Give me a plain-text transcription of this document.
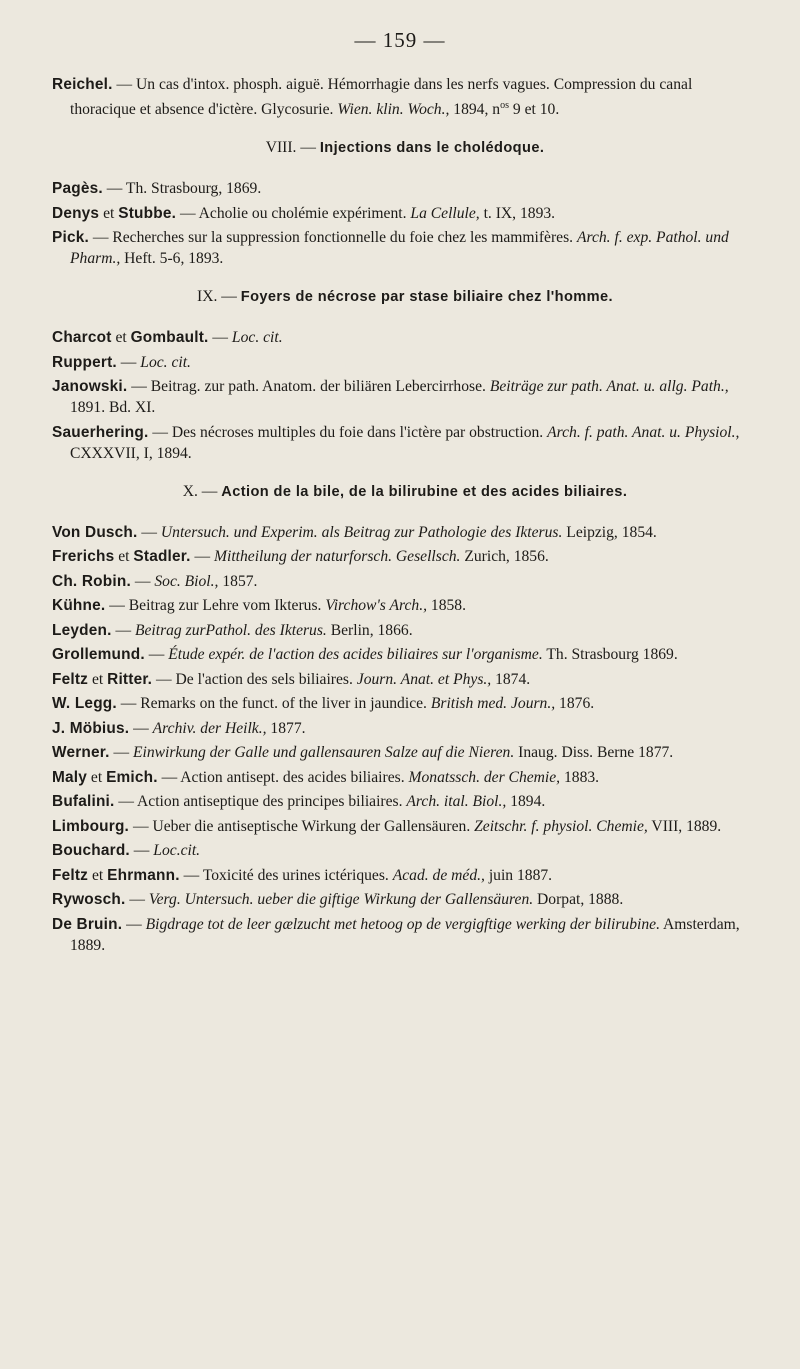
— 159 —
Reichel. — Un cas d'intox. phosph. aiguë. Hémorrhagie dans les nerfs vagues. Compression du canal thoracique et absence d'ictère. Glycosurie. Wien. klin. Woch., 1894, $n^{os}$ 9 et 10.
VIII. — Injections dans le cholédoque.
Pagès. — Th. Strasbourg, 1869.
Denys et Stubbe. — Acholie ou cholémie expériment. La Cellule, t. IX, 1893.
Pick. — Recherches sur la suppression fonctionnelle du foie chez les mammifères. Arch. f. exp. Pathol. und Pharm., Heft. 5-6, 1893.
IX. — Foyers de nécrose par stase biliaire chez l'homme.
Charcot et Gombault. — Loc. cit.
Ruppert. — Loc. cit.
Janowski. — Beitrag. zur path. Anatom. der biliären Lebercirrhose. Beiträge zur path. Anat. u. allg. Path., 1891. Bd. XI.
Sauerhering. — Des nécroses multiples du foie dans l'ictère par obstruction. Arch. f. path. Anat. u. Physiol., CXXXVII, I, 1894.
X. — Action de la bile, de la bilirubine et des acides biliaires.
Von Dusch. — Untersuch. und Experim. als Beitrag zur Pathologie des Ikterus. Leipzig, 1854.
Frerichs et Stadler. — Mittheilung der naturforsch. Gesellsch. Zurich, 1856.
Ch. Robin. — Soc. Biol., 1857.
Kühne. — Beitrag zur Lehre vom Ikterus. Virchow's Arch., 1858.
Leyden. — Beitrag zurPathol. des Ikterus. Berlin, 1866.
Grollemund. — Étude expér. de l'action des acides biliaires sur l'organisme. Th. Strasbourg 1869.
Feltz et Ritter. — De l'action des sels biliaires. Journ. Anat. et Phys., 1874.
W. Legg. — Remarks on the funct. of the liver in jaundice. British med. Journ., 1876.
J. Möbius. — Archiv. der Heilk., 1877.
Werner. — Einwirkung der Galle und gallensauren Salze auf die Nieren. Inaug. Diss. Berne 1877.
Maly et Emich. — Action antisept. des acides biliaires. Monatssch. der Chemie, 1883.
Bufalini. — Action antiseptique des principes biliaires. Arch. ital. Biol., 1894.
Limbourg. — Ueber die antiseptische Wirkung der Gallensäuren. Zeitschr. f. physiol. Chemie, VIII, 1889.
Bouchard. — Loc.cit.
Feltz et Ehrmann. — Toxicité des urines ictériques. Acad. de méd., juin 1887.
Rywosch. — Verg. Untersuch. ueber die giftige Wirkung der Gallensäuren. Dorpat, 1888.
De Bruin. — Bigdrage tot de leer gælzucht met hetoog op de vergigftige werking der bilirubine. Amsterdam, 1889.
